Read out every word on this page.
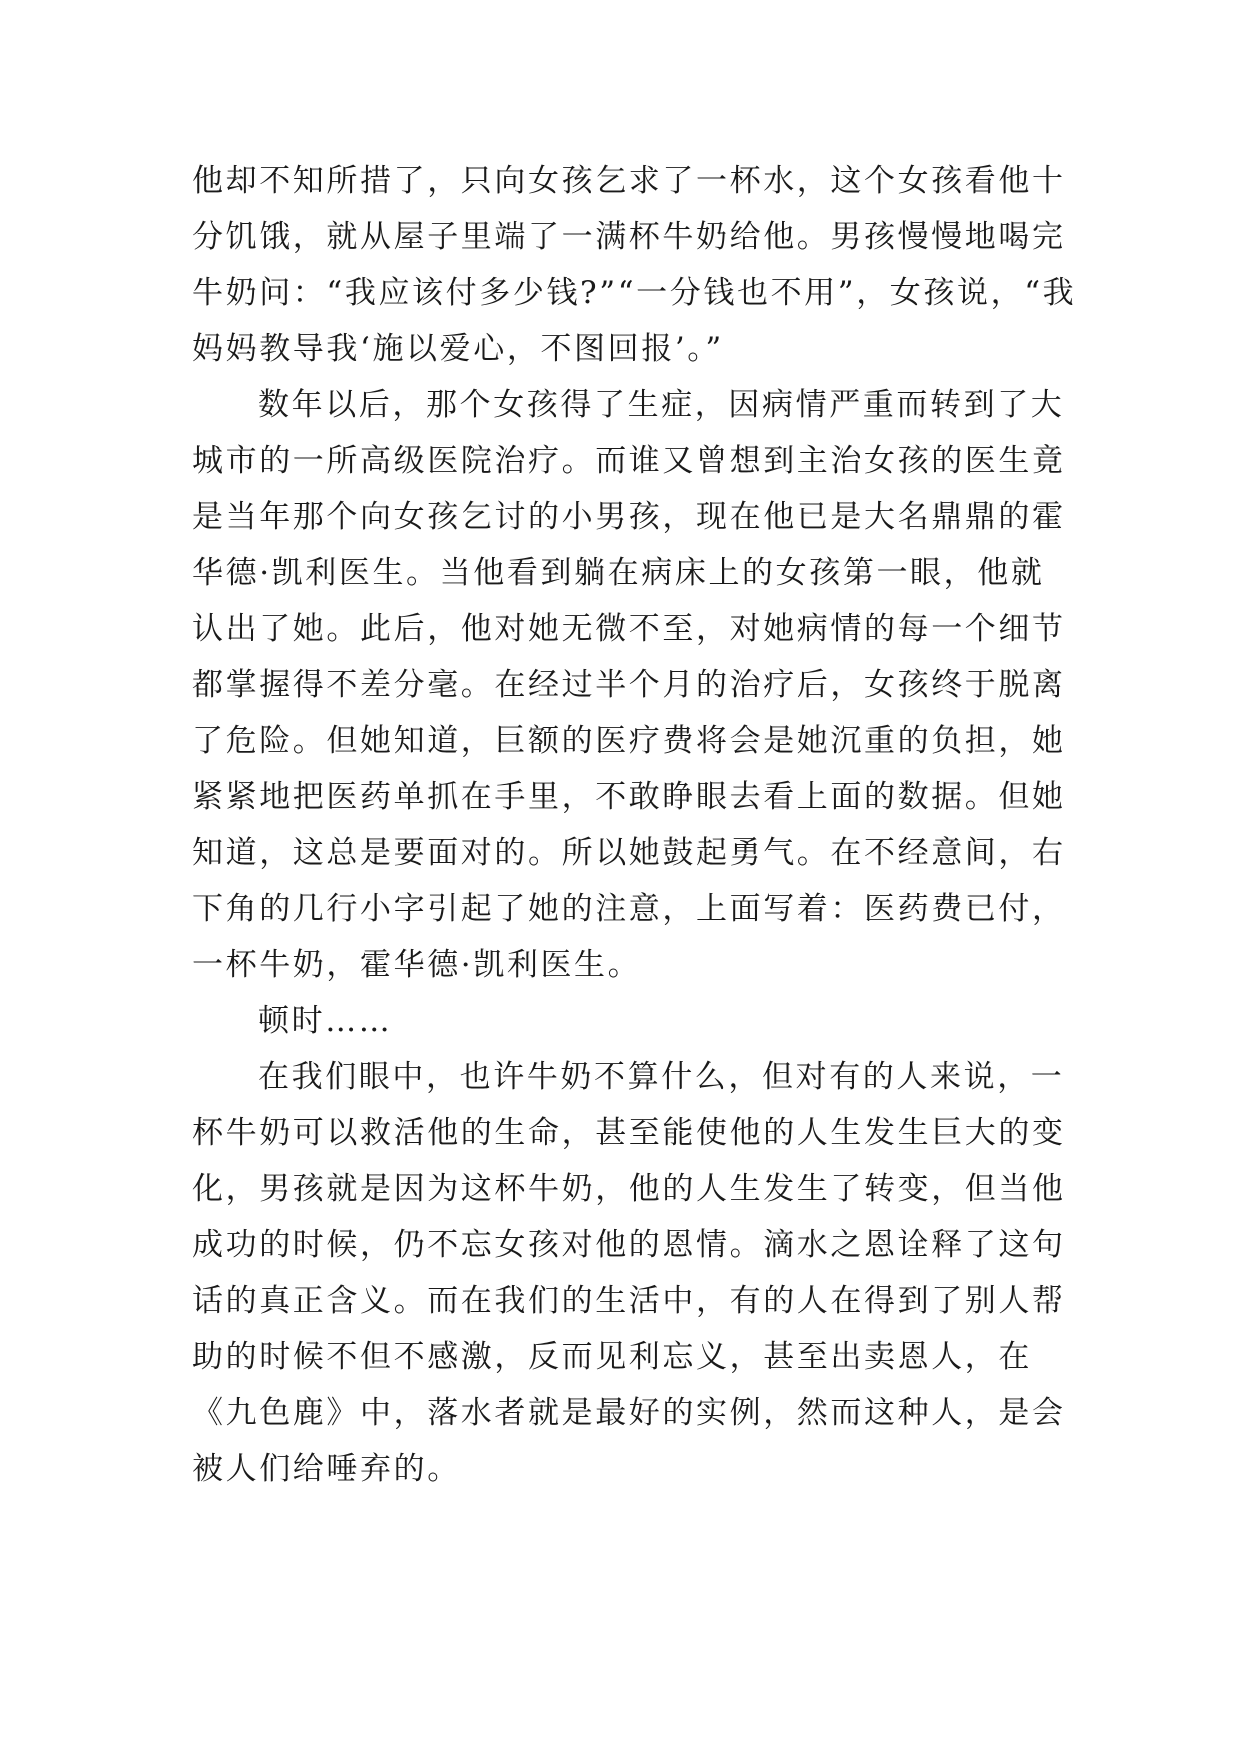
他却不知所措了，只向女孩乞求了一杯水，这个女孩看他十
分饥饿，就从屋子里端了一满杯牛奶给他。男孩慢慢地喝完
牛奶问：“我应该付多少钱?”“一分钱也不用”，女孩说，“我
妈妈教导我‘施以爱心，不图回报’。”
数年以后，那个女孩得了生症，因病情严重而转到了大
城市的一所高级医院治疗。而谁又曾想到主治女孩的医生竟
是当年那个向女孩乞讨的小男孩，现在他已是大名鼎鼎的霍
华德·凯利医生。当他看到躺在病床上的女孩第一眼，他就
认出了她。此后，他对她无微不至，对她病情的每一个细节
都掌握得不差分毫。在经过半个月的治疗后，女孩终于脱离
了危险。但她知道，巨额的医疗费将会是她沉重的负担，她
紧紧地把医药单抓在手里，不敢睁眼去看上面的数据。但她
知道，这总是要面对的。所以她鼓起勇气。在不经意间，右
下角的几行小字引起了她的注意，上面写着：医药费已付，
一杯牛奶，霍华德·凯利医生。
顿时……
在我们眼中，也许牛奶不算什么，但对有的人来说，一
杯牛奶可以救活他的生命，甚至能使他的人生发生巨大的变
化，男孩就是因为这杯牛奶，他的人生发生了转变，但当他
成功的时候，仍不忘女孩对他的恩情。滴水之恩诠释了这句
话的真正含义。而在我们的生活中，有的人在得到了别人帮
助的时候不但不感激，反而见利忘义，甚至出卖恩人，在
《九色鹿》中，落水者就是最好的实例，然而这种人，是会
被人们给唾弃的。
